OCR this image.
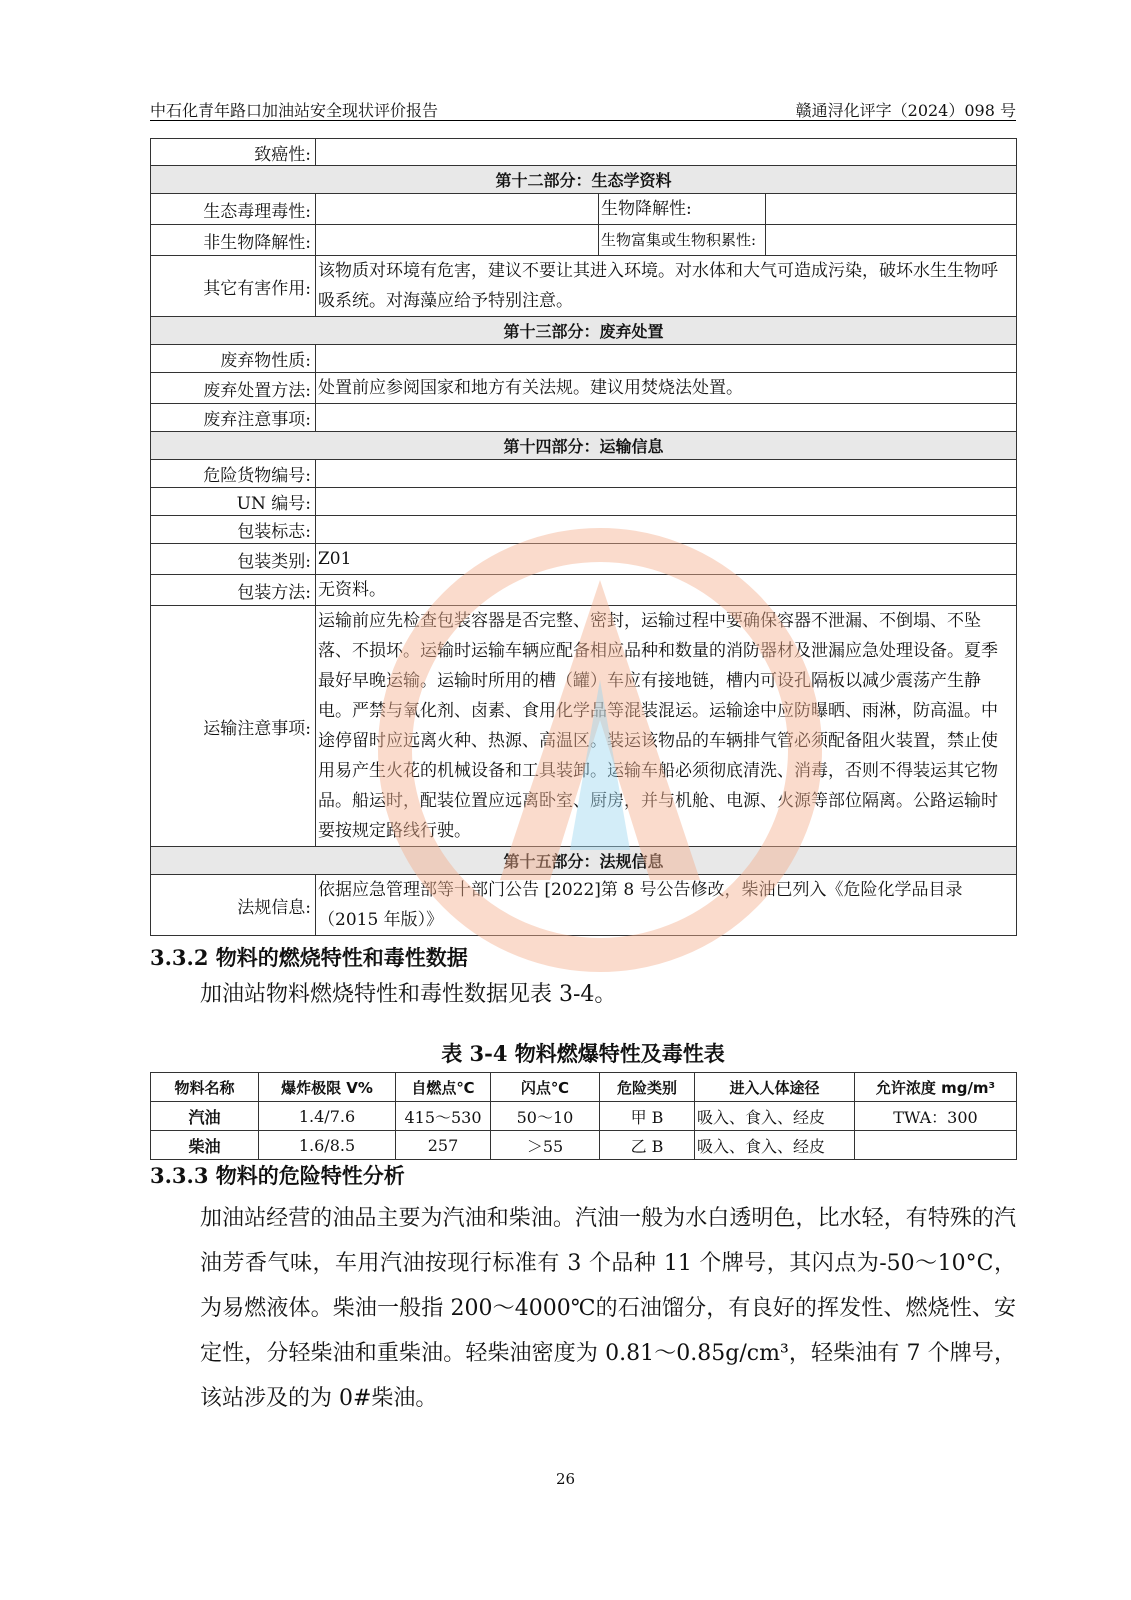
中石化青年路口加油站安全现状评价报告	赣通浔化评字（2024）098 号
致癌性:			
第十二部分：生态学资料			
生态毒理毒性:		生物降解性:	
非生物降解性:		生物富集或生物积累性:	
其它有害作用:	该物质对环境有危害，建议不要让其进入环境。对水体和大气可造成污染，破坏水生生物呼吸系统。对海藻应给予特别注意。		
第十三部分：废弃处置			
废弃物性质:			
废弃处置方法:	处置前应参阅国家和地方有关法规。建议用焚烧法处置。		
废弃注意事项:			
第十四部分：运输信息			
危险货物编号:			
UN 编号:			
包装标志:			
包装类别:	Z01		
包装方法:	无资料。		
运输注意事项:	运输前应先检查包装容器是否完整、密封，运输过程中要确保容器不泄漏、不倒塌、不坠落、不损坏。运输时运输车辆应配备相应品种和数量的消防器材及泄漏应急处理设备。夏季最好早晚运输。运输时所用的槽（罐）车应有接地链，槽内可设孔隔板以减少震荡产生静电。严禁与氧化剂、卤素、食用化学品等混装混运。运输途中应防曝晒、雨淋，防高温。中途停留时应远离火种、热源、高温区。装运该物品的车辆排气管必须配备阻火装置，禁止使用易产生火花的机械设备和工具装卸。运输车船必须彻底清洗、消毒，否则不得装运其它物品。船运时，配装位置应远离卧室、厨房，并与机舱、电源、火源等部位隔离。公路运输时要按规定路线行驶。		
第十五部分：法规信息			
法规信息:	依据应急管理部等十部门公告 [2022]第 8 号公告修改，柴油已列入《危险化学品目录（2015 年版）》		
3.3.2 物料的燃烧特性和毒性数据
加油站物料燃烧特性和毒性数据见表 3-4。
表 3-4 物料燃爆特性及毒性表
物料名称	爆炸极限 V%	自燃点℃	闪点℃	危险类别	进入人体途径	允许浓度 mg/m³
汽油	1.4/7.6	415～530	50～10	甲 B	吸入、食入、经皮	TWA：300
柴油	1.6/8.5	257	＞55	乙 B	吸入、食入、经皮	
3.3.3 物料的危险特性分析
加油站经营的油品主要为汽油和柴油。汽油一般为水白透明色，比水轻，有特殊的汽油芳香气味，车用汽油按现行标准有 3 个品种 11 个牌号，其闪点为-50～10°C，为易燃液体。柴油一般指 200～4000℃的石油馏分，有良好的挥发性、燃烧性、安定性，分轻柴油和重柴油。轻柴油密度为 0.81～0.85g/cm³，轻柴油有 7 个牌号，该站涉及的为 0#柴油。
26
